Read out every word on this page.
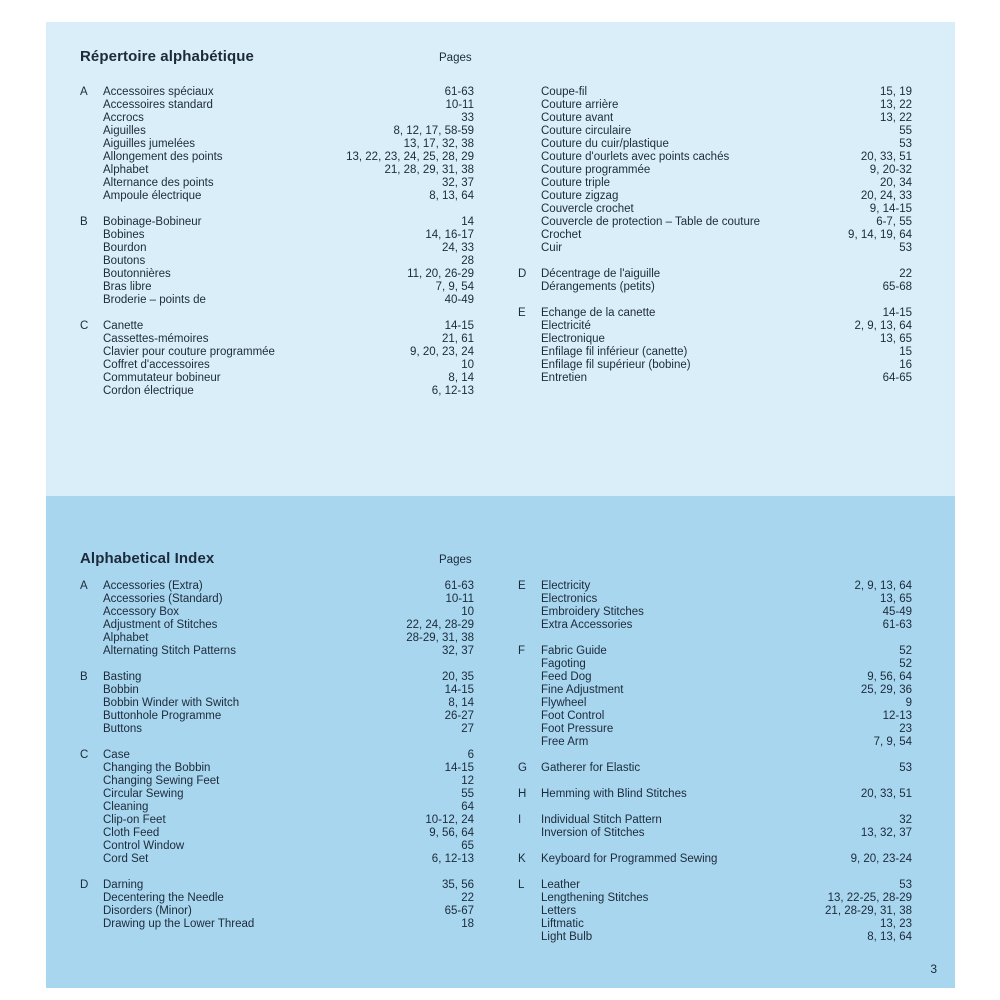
Répertoire alphabétique	Pages
A Accessoires spéciaux	61-63
Accessoires standard	10-11
Accrocs	33
Aiguilles	8, 12, 17, 58-59
Aiguilles jumelées	13, 17, 32, 38
Allongement des points	13, 22, 23, 24, 25, 28, 29
Alphabet	21, 28, 29, 31, 38
Alternance des points	32, 37
Ampoule électrique	8, 13, 64
B Bobinage-Bobineur	14
Bobines	14, 16-17
Bourdon	24, 33
Boutons	28
Boutonnières	11, 20, 26-29
Bras libre	7, 9, 54
Broderie – points de	40-49
C Canette	14-15
Cassettes-mémoires	21, 61
Clavier pour couture programmée	9, 20, 23, 24
Coffret d'accessoires	10
Commutateur bobineur	8, 14
Cordon électrique	6, 12-13
Coupe-fil	15, 19
Couture arrière	13, 22
Couture avant	13, 22
Couture circulaire	55
Couture du cuir/plastique	53
Couture d'ourlets avec points cachés	20, 33, 51
Couture programmée	9, 20-32
Couture triple	20, 34
Couture zigzag	20, 24, 33
Couvercle crochet	9, 14-15
Couvercle de protection – Table de couture	6-7, 55
Crochet	9, 14, 19, 64
Cuir	53
D Décentrage de l'aiguille	22
Dérangements (petits)	65-68
E Echange de la canette	14-15
Electricité	2, 9, 13, 64
Electronique	13, 65
Enfilage fil inférieur (canette)	15
Enfilage fil supérieur (bobine)	16
Entretien	64-65
Alphabetical Index	Pages
A Accessories (Extra)	61-63
Accessories (Standard)	10-11
Accessory Box	10
Adjustment of Stitches	22, 24, 28-29
Alphabet	28-29, 31, 38
Alternating Stitch Patterns	32, 37
B Basting	20, 35
Bobbin	14-15
Bobbin Winder with Switch	8, 14
Buttonhole Programme	26-27
Buttons	27
C Case	6
Changing the Bobbin	14-15
Changing Sewing Feet	12
Circular Sewing	55
Cleaning	64
Clip-on Feet	10-12, 24
Cloth Feed	9, 56, 64
Control Window	65
Cord Set	6, 12-13
D Darning	35, 56
Decentering the Needle	22
Disorders (Minor)	65-67
Drawing up the Lower Thread	18
E Electricity	2, 9, 13, 64
Electronics	13, 65
Embroidery Stitches	45-49
Extra Accessories	61-63
F Fabric Guide	52
Fagoting	52
Feed Dog	9, 56, 64
Fine Adjustment	25, 29, 36
Flywheel	9
Foot Control	12-13
Foot Pressure	23
Free Arm	7, 9, 54
G Gatherer for Elastic	53
H Hemming with Blind Stitches	20, 33, 51
I Individual Stitch Pattern	32
Inversion of Stitches	13, 32, 37
K Keyboard for Programmed Sewing	9, 20, 23-24
L Leather	53
Lengthening Stitches	13, 22-25, 28-29
Letters	21, 28-29, 31, 38
Liftmatic	13, 23
Light Bulb	8, 13, 64
3
